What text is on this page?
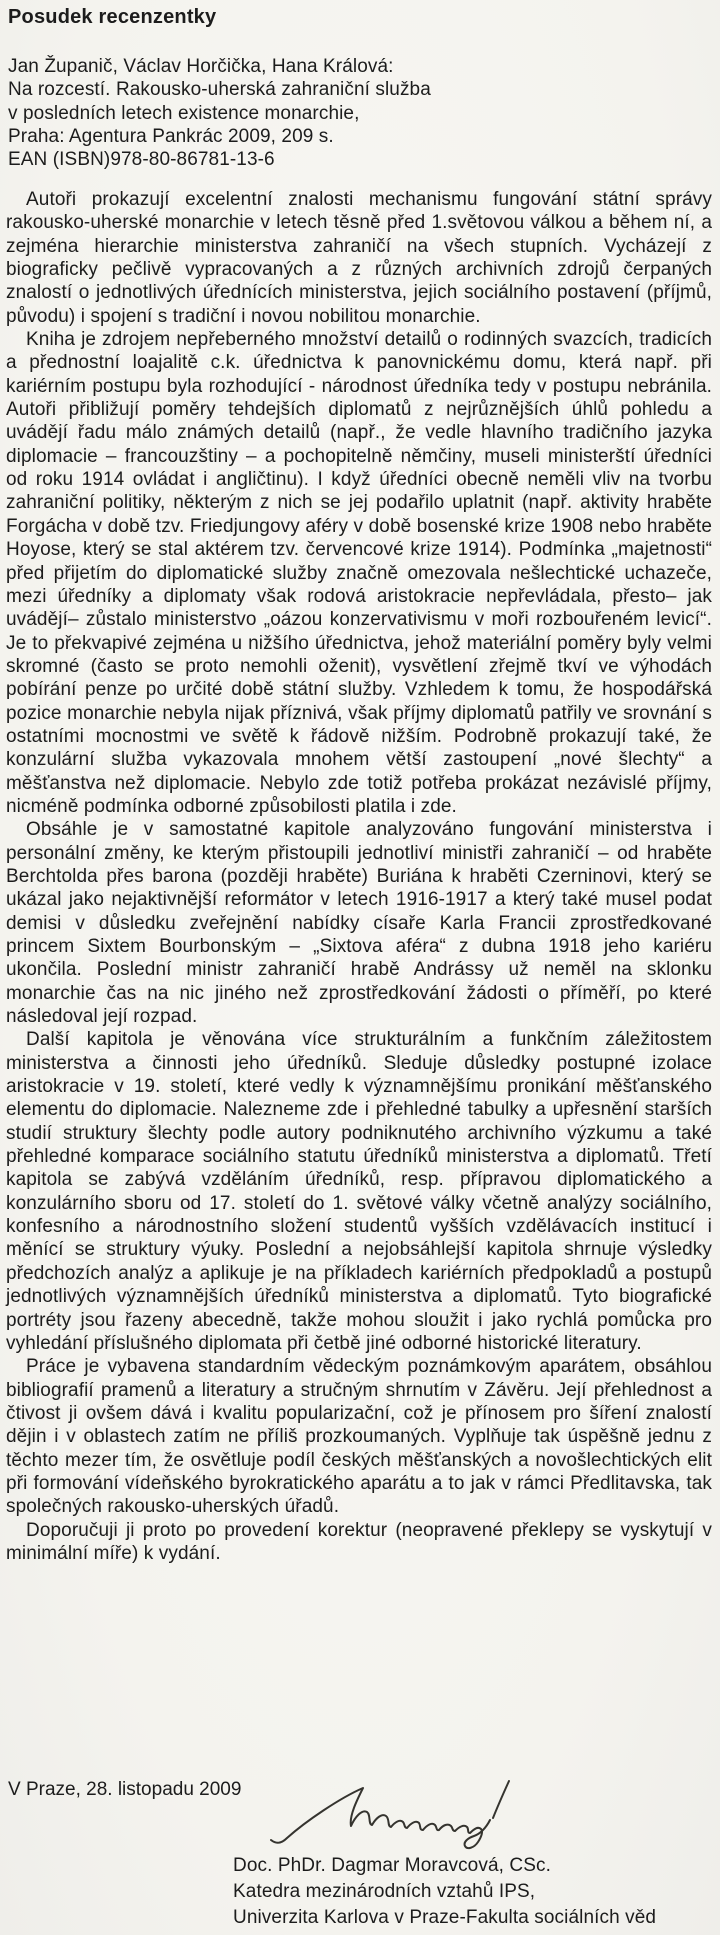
Posudek recenzentky
Jan Županič, Václav Horčička, Hana Králová:
Na rozcestí. Rakousko-uherská zahraniční služba
v posledních letech existence monarchie,
Praha: Agentura Pankrác 2009, 209 s.
EAN (ISBN)978-80-86781-13-6

Autoři prokazují excelentní znalosti mechanismu fungování státní správy rakousko-uherské monarchie v letech těsně před 1.světovou válkou a během ní, a zejména hierarchie ministerstva zahraničí na všech stupních. Vycházejí z biograficky pečlivě vypracovaných a z různých archivních zdrojů čerpaných znalostí o jednotlivých úřednících ministerstva, jejich sociálního postavení (příjmů, původu) i spojení s tradiční i novou nobilitou monarchie.

Kniha je zdrojem nepřeberného množství detailů o rodinných svazcích, tradicích a přednostní loajalitě c.k. úřednictva k panovnickému domu, která např. při kariérním postupu byla rozhodující - národnost úředníka tedy v postupu nebránila. Autoři přibližují poměry tehdejších diplomatů z nejrůznějších úhlů pohledu a uvádějí řadu málo známých detailů (např., že vedle hlavního tradičního jazyka diplomacie – francouzštiny – a pochopitelně němčiny, museli ministerští úředníci od roku 1914 ovládat i angličtinu). I když úředníci obecně neměli vliv na tvorbu zahraniční politiky, některým z nich se jej podařilo uplatnit (např. aktivity hraběte Forgácha v době tzv. Friedjungovy aféry v době bosenské krize 1908 nebo hraběte Hoyose, který se stal aktérem tzv. červencové krize 1914). Podmínka „majetnosti“ před přijetím do diplomatické služby značně omezovala nešlechtické uchazeče, mezi úředníky a diplomaty však rodová aristokracie nepřevládala, přesto– jak uvádějí– zůstalo ministerstvo „oázou konzervativismu v moři rozbouřeném levicí“. Je to překvapivé zejména u nižšího úřednictva, jehož materiální poměry byly velmi skromné (často se proto nemohli oženit), vysvětlení zřejmě tkví ve výhodách pobírání penze po určité době státní služby. Vzhledem k tomu, že hospodářská pozice monarchie nebyla nijak příznivá, však příjmy diplomatů patřily ve srovnání s ostatními mocnostmi ve světě k řádově nižším. Podrobně prokazují také, že konzulární služba vykazovala mnohem větší zastoupení „nové šlechty“ a měšťanstva než diplomacie. Nebylo zde totiž potřeba prokázat nezávislé příjmy, nicméně podmínka odborné způsobilosti platila i zde.

Obsáhle je v samostatné kapitole analyzováno fungování ministerstva i personální změny, ke kterým přistoupili jednotliví ministři zahraničí – od hraběte Berchtolda přes barona (později hraběte) Buriána k hraběti Czerninovi, který se ukázal jako nejaktivnější reformátor v letech 1916-1917 a který také musel podat demisi v důsledku zveřejnění nabídky císaře Karla Francii zprostředkované princem Sixtem Bourbonským – „Sixtova aféra“ z dubna 1918 jeho kariéru ukončila. Poslední ministr zahraničí hrabě Andrássy už neměl na sklonku monarchie čas na nic jiného než zprostředkování žádosti o příměří, po které následoval její rozpad.

Další kapitola je věnována více strukturálním a funkčním záležitostem ministerstva a činnosti jeho úředníků. Sleduje důsledky postupné izolace aristokracie v 19. století, které vedly k významnějšímu pronikání měšťanského elementu do diplomacie. Nalezneme zde i přehledné tabulky a upřesnění starších studií struktury šlechty podle autory podniknutého archivního výzkumu a také přehledné komparace sociálního statutu úředníků ministerstva a diplomatů. Třetí kapitola se zabývá vzděláním úředníků, resp. přípravou diplomatického a konzulárního sboru od 17. století do 1. světové války včetně analýzy sociálního, konfesního a národnostního složení studentů vyšších vzdělávacích institucí i měnící se struktury výuky. Poslední a nejobsáhlejší kapitola shrnuje výsledky předchozích analýz a aplikuje je na příkladech kariérních předpokladů a postupů jednotlivých významnějších úředníků ministerstva a diplomatů. Tyto biografické portréty jsou řazeny abecedně, takže mohou sloužit i jako rychlá pomůcka pro vyhledání příslušného diplomata při četbě jiné odborné historické literatury.

Práce je vybavena standardním vědeckým poznámkovým aparátem, obsáhlou bibliografií pramenů a literatury a stručným shrnutím v Závěru. Její přehlednost a čtivost ji ovšem dává i kvalitu popularizační, což je přínosem pro šíření znalostí dějin i v oblastech zatím ne příliš prozkoumaných. Vyplňuje tak úspěšně jednu z těchto mezer tím, že osvětluje podíl českých měšťanských a novošlechtických elit při formování vídeňského byrokratického aparátu a to jak v rámci Předlitavska, tak společných rakousko-uherských úřadů.

Doporučuji ji proto po provedení korektur (neopravené překlepy se vyskytují v minimální míře) k vydání.

V Praze, 28. listopadu 2009
Doc. PhDr. Dagmar Moravcová, CSc.
Katedra mezinárodních vztahů IPS,
Univerzita Karlova v Praze-Fakulta sociálních věd
